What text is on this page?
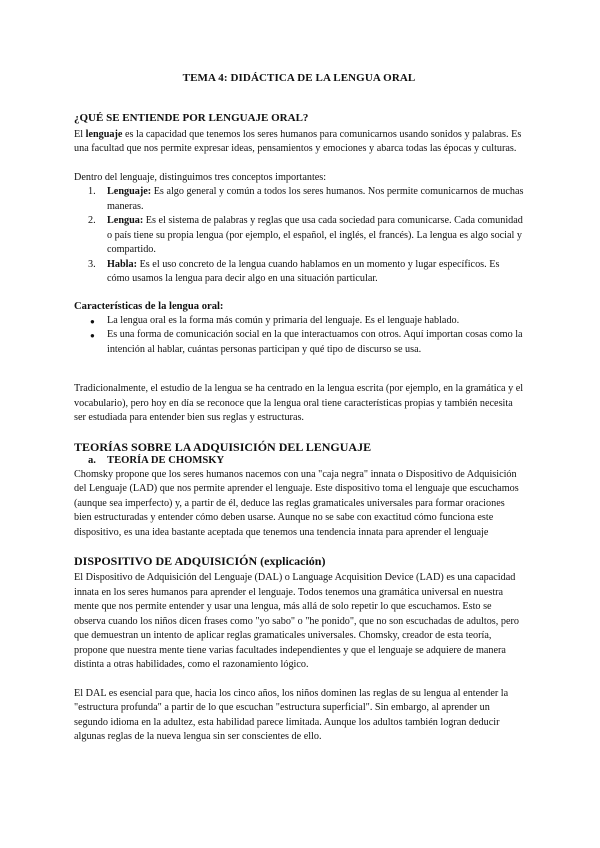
TEMA 4: DIDÁCTICA DE LA LENGUA ORAL
¿QUÉ SE ENTIENDE POR LENGUAJE ORAL?

El lenguaje es la capacidad que tenemos los seres humanos para comunicarnos usando sonidos y palabras. Es una facultad que nos permite expresar ideas, pensamientos y emociones y abarca todas las épocas y culturas.

Dentro del lenguaje, distinguimos tres conceptos importantes:

1. Lenguaje: Es algo general y común a todos los seres humanos. Nos permite comunicarnos de muchas maneras.
2. Lengua: Es el sistema de palabras y reglas que usa cada sociedad para comunicarse. Cada comunidad o país tiene su propia lengua (por ejemplo, el español, el inglés, el francés). La lengua es algo social y compartido.
3. Habla: Es el uso concreto de la lengua cuando hablamos en un momento y lugar específicos. Es cómo usamos la lengua para decir algo en una situación particular.
Características de la lengua oral:
● La lengua oral es la forma más común y primaria del lenguaje. Es el lenguaje hablado.
● Es una forma de comunicación social en la que interactuamos con otros. Aquí importan cosas como la intención al hablar, cuántas personas participan y qué tipo de discurso se usa.

Tradicionalmente, el estudio de la lengua se ha centrado en la lengua escrita (por ejemplo, en la gramática y el vocabulario), pero hoy en día se reconoce que la lengua oral tiene características propias y también necesita ser estudiada para entender bien sus reglas y estructuras.

TEORÍAS SOBRE LA ADQUISICIÓN DEL LENGUAJE
a. TEORÍA DE CHOMSKY

Chomsky propone que los seres humanos nacemos con una "caja negra" innata o Dispositivo de Adquisición del Lenguaje (LAD) que nos permite aprender el lenguaje. Este dispositivo toma el lenguaje que escuchamos (aunque sea imperfecto) y, a partir de él, deduce las reglas gramaticales universales para formar oraciones bien estructuradas y entender cómo deben usarse. Aunque no se sabe con exactitud cómo funciona este dispositivo, es una idea bastante aceptada que tenemos una tendencia innata para aprender el lenguaje

DISPOSITIVO DE ADQUISICIÓN (explicación)

El Dispositivo de Adquisición del Lenguaje (DAL) o Language Acquisition Device (LAD) es una capacidad innata en los seres humanos para aprender el lenguaje. Todos tenemos una gramática universal en nuestra mente que nos permite entender y usar una lengua, más allá de solo repetir lo que escuchamos. Esto se observa cuando los niños dicen frases como "yo sabo" o "he ponido", que no son escuchadas de adultos, pero que demuestran un intento de aplicar reglas gramaticales universales. Chomsky, creador de esta teoría, propone que nuestra mente tiene varias facultades independientes y que el lenguaje se adquiere de manera distinta a otras habilidades, como el razonamiento lógico.

El DAL es esencial para que, hacia los cinco años, los niños dominen las reglas de su lengua al entender la "estructura profunda" a partir de lo que escuchan "estructura superficial". Sin embargo, al aprender un segundo idioma en la adultez, esta habilidad parece limitada. Aunque los adultos también logran deducir algunas reglas de la nueva lengua sin ser conscientes de ello.
